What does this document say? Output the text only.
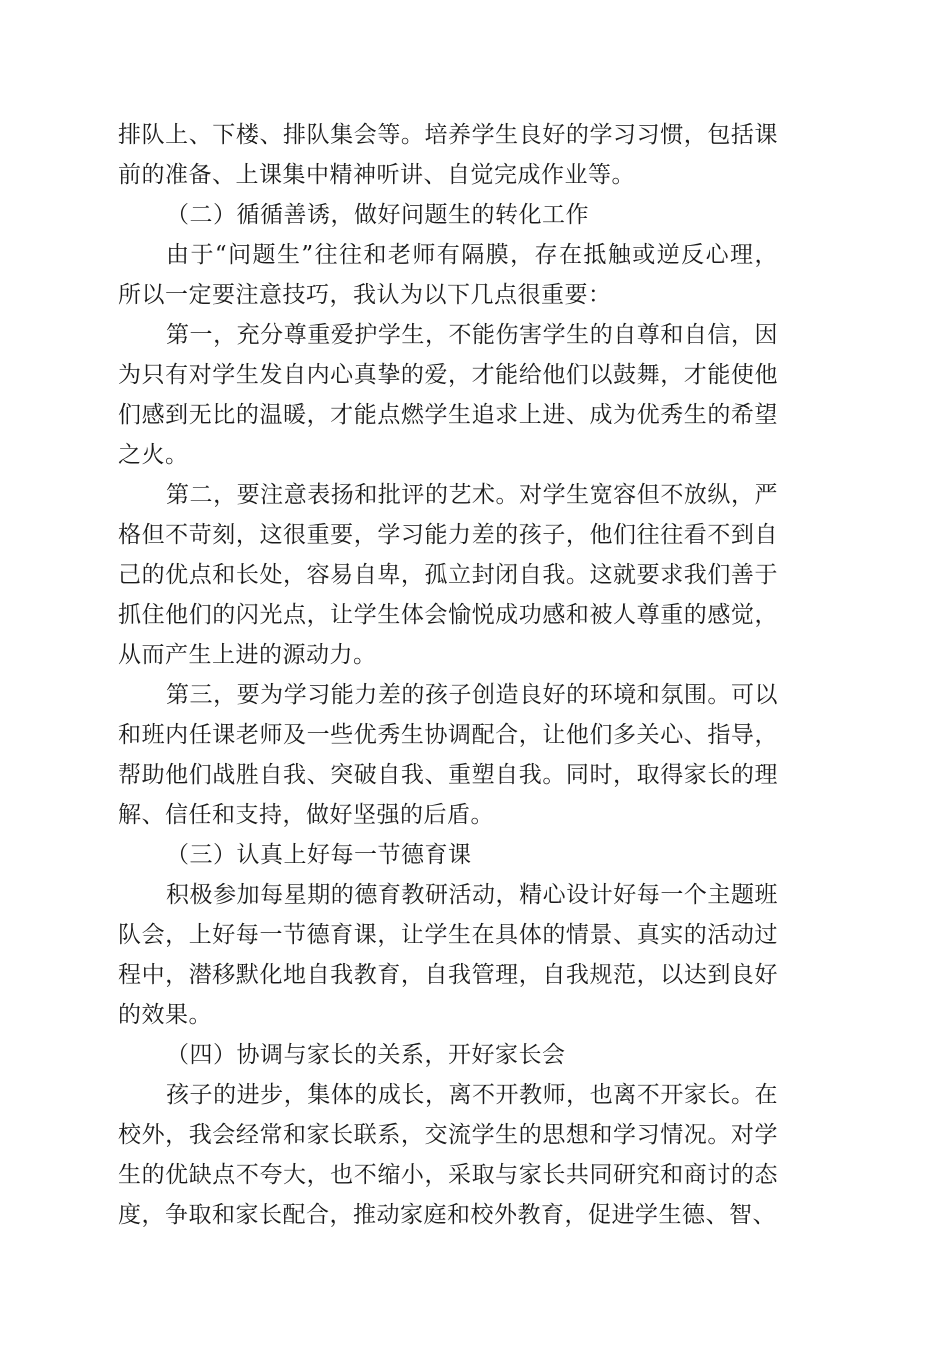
排队上、下楼、排队集会等。培养学生良好的学习习惯，包括课前的准备、上课集中精神听讲、自觉完成作业等。

（二）循循善诱，做好问题生的转化工作

由于“问题生”往往和老师有隔膜，存在抵触或逆反心理，所以一定要注意技巧，我认为以下几点很重要：

第一，充分尊重爱护学生，不能伤害学生的自尊和自信，因为只有对学生发自内心真挚的爱，才能给他们以鼓舞，才能使他们感到无比的温暖，才能点燃学生追求上进、成为优秀生的希望之火。

第二，要注意表扬和批评的艺术。对学生宽容但不放纵，严格但不苛刻，这很重要，学习能力差的孩子，他们往往看不到自己的优点和长处，容易自卑，孤立封闭自我。这就要求我们善于抓住他们的闪光点，让学生体会愉悦成功感和被人尊重的感觉，从而产生上进的源动力。

第三，要为学习能力差的孩子创造良好的环境和氛围。可以和班内任课老师及一些优秀生协调配合，让他们多关心、指导，帮助他们战胜自我、突破自我、重塑自我。同时，取得家长的理解、信任和支持，做好坚强的后盾。

（三）认真上好每一节德育课

积极参加每星期的德育教研活动，精心设计好每一个主题班队会，上好每一节德育课，让学生在具体的情景、真实的活动过程中，潜移默化地自我教育，自我管理，自我规范，以达到良好的效果。

（四）协调与家长的关系，开好家长会

孩子的进步，集体的成长，离不开教师，也离不开家长。在校外，我会经常和家长联系，交流学生的思想和学习情况。对学生的优缺点不夸大，也不缩小，采取与家长共同研究和商讨的态度，争取和家长配合，推动家庭和校外教育，促进学生德、智、
